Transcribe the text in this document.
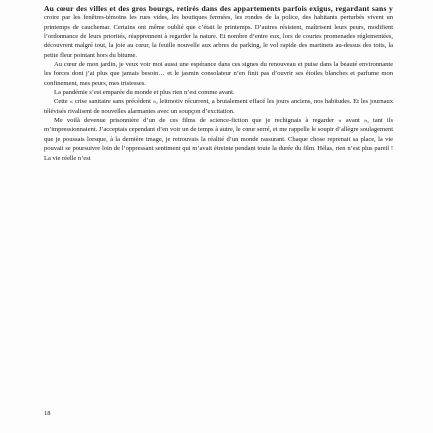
Au cœur des villes et des gros bourgs, retirés dans des appartements parfois exigus, regardant sans y croire par les fenêtres-témoins les rues vides, les boutiques fermées, les rondes de la police, des habitants perturbés vivent un printemps de cauchemar. Certains ont même oublié que c’était le printemps. D’autres résistent, maîtrisent leurs peurs, modifient l’ordonnance de leurs priorités, réapprennent à regarder la nature. Et nombre d’entre eux, lors de courtes promenades réglementées, découvrent malgré tout, la joie au cœur, la feuille nouvelle aux arbres du parking, le vol rapide des martinets au-dessus des toits, la petite fleur pointant hors du bitume.

Au cœur de mon jardin, je veux voir moi aussi une espérance dans ces signes du renouveau et puise dans la beauté environnante les forces dont j’ai plus que jamais besoin… et le jasmin consolateur n’en finit pas d’ouvrir ses étoiles blanches et parfume mon confinement, mes peurs, mes tristesses.

La pandémie s’est emparée du monde et plus rien n’est comme avant.

Cette « crise sanitaire sans précédent », leitmotiv récurrent, a brutalement effacé les jours anciens, nos habitudes. Et les journaux télévisés rivalisent de nouvelles alarmantes avec un soupçon d’excitation.

Me voilà devenue prisonnière d’un de ces films de science-fiction que je rechignais à regarder « avant », tant ils m’impressionnaient. J’acceptais cependant d’en voir un de temps à autre, le cœur serré, et me rappelle le soupir d’allègre soulagement que je poussais lorsque, à la dernière image, je retrouvais la réalité d’un monde rassurant. Chaque chose reprenait sa place, la vie pouvait se poursuivre loin de l’oppressant sentiment qui m’avait étreinte pendant toute la durée du film. Hélas, rien n’est plus pareil ! La vie réelle n’est

18
